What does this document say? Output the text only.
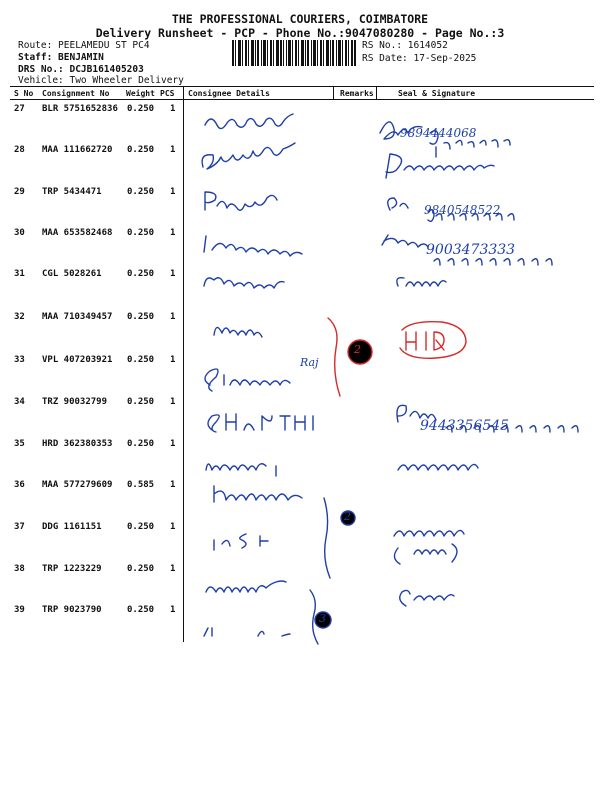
THE PROFESSIONAL COURIERS, COIMBATORE
Delivery Runsheet - PCP - Phone No.:9047080280 - Page No.:3
Route: PEELAMEDU ST PC4
Staff: BENJAMIN
DRS No.: DCJB161405203
Vehicle: Two Wheeler Delivery
RS No.: 1614052
RS Date: 17-Sep-2025
S No Consignment No Weight PCS Consignee Details	Remarks	Seal & Signature
27 BLR 5751652836 0.250 1
28 MAA 111662720 0.250 1
29 TRP 5434471	0.250 1
30 MAA 653582468 0.250 1
31 CGL 5028261	0.250 1
32 MAA 710349457 0.250 1
33 VPL 407203921 0.250 1
34 TRZ 90032799 0.250 1
35 HRD 362380353 0.250 1
36 MAA 577279609 0.585 1
37 DDG 1161151	0.250 1
38 TRP 1223229	0.250 1
39 TRP 9023790	0.250 1
9894444068
9840548522
9003473333
9443356545
Raj
2
2
3
